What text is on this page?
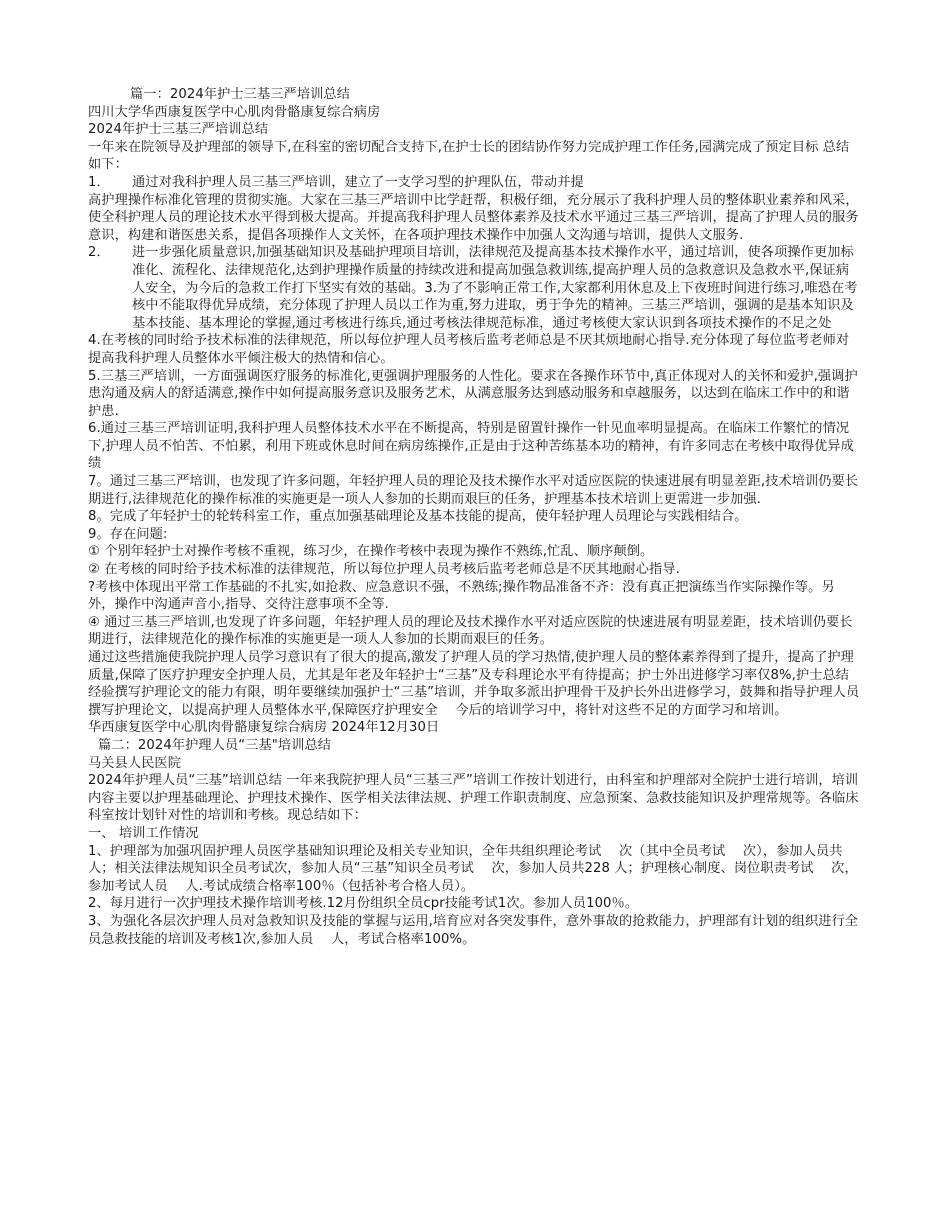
篇一：2024年护士三基三严培训总结

四川大学华西康复医学中心肌肉骨骼康复综合病房

2024年护士三基三严培训总结

一年来在院领导及护理部的领导下,在科室的密切配合支持下,在护士长的团结协作努力完成护理工作任务,园满完成了预定目标 总结如下：

1．	通过对我科护理人员三基三严培训，建立了一支学习型的护理队伍，带动并提

高护理操作标准化管理的贯彻实施。大家在三基三严培训中比学赶帮，积极仔细，充分展示了我科护理人员的整体职业素养和风采，使全科护理人员的理论技术水平得到极大提高。并提高我科护理人员整体素养及技术水平通过三基三严培训，提高了护理人员的服务意识，构建和谐医患关系，提倡各项操作人文关怀，在各项护理技术操作中加强人文沟通与培训，提供人文服务.

2．	进一步强化质量意识,加强基础知识及基础护理项目培训，法律规范及提高基本技术操作水平，通过培训，使各项操作更加标准化、流程化、法律规范化,达到护理操作质量的持续改进和提高加强急救训练,提高护理人员的急救意识及急救水平,保证病人安全，为今后的急救工作打下坚实有效的基础。3.为了不影响正常工作,大家都利用休息及上下夜班时间进行练习,唯恐在考核中不能取得优异成绩，充分体现了护理人员以工作为重,努力进取，勇于争先的精神。三基三严培训，强调的是基本知识及基本技能、基本理论的掌握,通过考核进行练兵,通过考核法律规范标准，通过考核使大家认识到各项技术操作的不足之处

4.在考核的同时给予技术标准的法律规范，所以每位护理人员考核后监考老师总是不厌其烦地耐心指导.充分体现了每位监考老师对提高我科护理人员整体水平倾注极大的热情和信心。

5.三基三严培训，一方面强调医疗服务的标准化,更强调护理服务的人性化。要求在各操作环节中,真正体现对人的关怀和爱护,强调护患沟通及病人的舒适满意,操作中如何提高服务意识及服务艺术，从满意服务达到感动服务和卓越服务，以达到在临床工作中的和谐护患.

6.通过三基三严培训证明,我科护理人员整体技术水平在不断提高，特别是留置针操作一针见血率明显提高。在临床工作繁忙的情况下,护理人员不怕苦、不怕累，利用下班或休息时间在病房练操作,正是由于这种苦练基本功的精神，有许多同志在考核中取得优异成绩

7。通过三基三严培训，也发现了许多问题，年轻护理人员的理论及技术操作水平对适应医院的快速进展有明显差距,技术培训仍要长期进行,法律规范化的操作标准的实施更是一项人人参加的长期而艰巨的任务，护理基本技术培训上更需进一步加强.

8。完成了年轻护士的轮转科室工作，重点加强基础理论及基本技能的提高，使年轻护理人员理论与实践相结合。

9。存在问题:

① 个别年轻护士对操作考核不重视，练习少，在操作考核中表现为操作不熟练,忙乱、顺序颠倒。

② 在考核的同时给予技术标准的法律规范，所以每位护理人员考核后监考老师总是不厌其地耐心指导.

?考核中体现出平常工作基础的不扎实,如抢救、应急意识不强，不熟练;操作物品准备不齐：没有真正把演练当作实际操作等。另外，操作中沟通声音小,指导、交待注意事项不全等.

④ 通过三基三严培训,也发现了许多问题，年轻护理人员的理论及技术操作水平对适应医院的快速进展有明显差距，技术培训仍要长期进行，法律规范化的操作标准的实施更是一项人人参加的长期而艰巨的任务。

通过这些措施使我院护理人员学习意识有了很大的提高,激发了护理人员的学习热情,使护理人员的整体素养得到了提升，提高了护理质量,保障了医疗护理安全护理人员，尤其是年老及年轻护士“三基”及专科理论水平有待提高；护士外出进修学习率仅8%,护士总结经验撰写护理论文的能力有限，明年要继续加强护士“三基”培训，并争取多派出护理骨干及护长外出进修学习，鼓舞和指导护理人员撰写护理论文，以提高护理人员整体水平,保障医疗护理安全　 今后的培训学习中，将针对这些不足的方面学习和培训。

华西康复医学中心肌肉骨骼康复综合病房 2024年12月30日

篇二：2024年护理人员“三基"培训总结

马关县人民医院

2024年护理人员“三基”培训总结 一年来我院护理人员“三基三严”培训工作按计划进行，由科室和护理部对全院护士进行培训，培训内容主要以护理基础理论、护理技术操作、医学相关法律法规、护理工作职责制度、应急预案、急救技能知识及护理常规等。各临床科室按计划针对性的培训和考核。现总结如下：

一、 培训工作情况

1、护理部为加强巩固护理人员医学基础知识理论及相关专业知识，全年共组织理论考试　 次（其中全员考试　 次），参加人员共人；相关法律法规知识全员考试次，参加人员“三基”知识全员考试　 次，参加人员共228 人；护理核心制度、岗位职责考试　 次，参加考试人员　 人.考试成绩合格率100％（包括补考合格人员）。

2、每月进行一次护理技术操作培训考核.12月份组织全员cpr技能考试1次。参加人员100％。

3、为强化各层次护理人员对急救知识及技能的掌握与运用,培育应对各突发事件，意外事故的抢救能力，护理部有计划的组织进行全员急救技能的培训及考核1次,参加人员　 人，考试合格率100%。
